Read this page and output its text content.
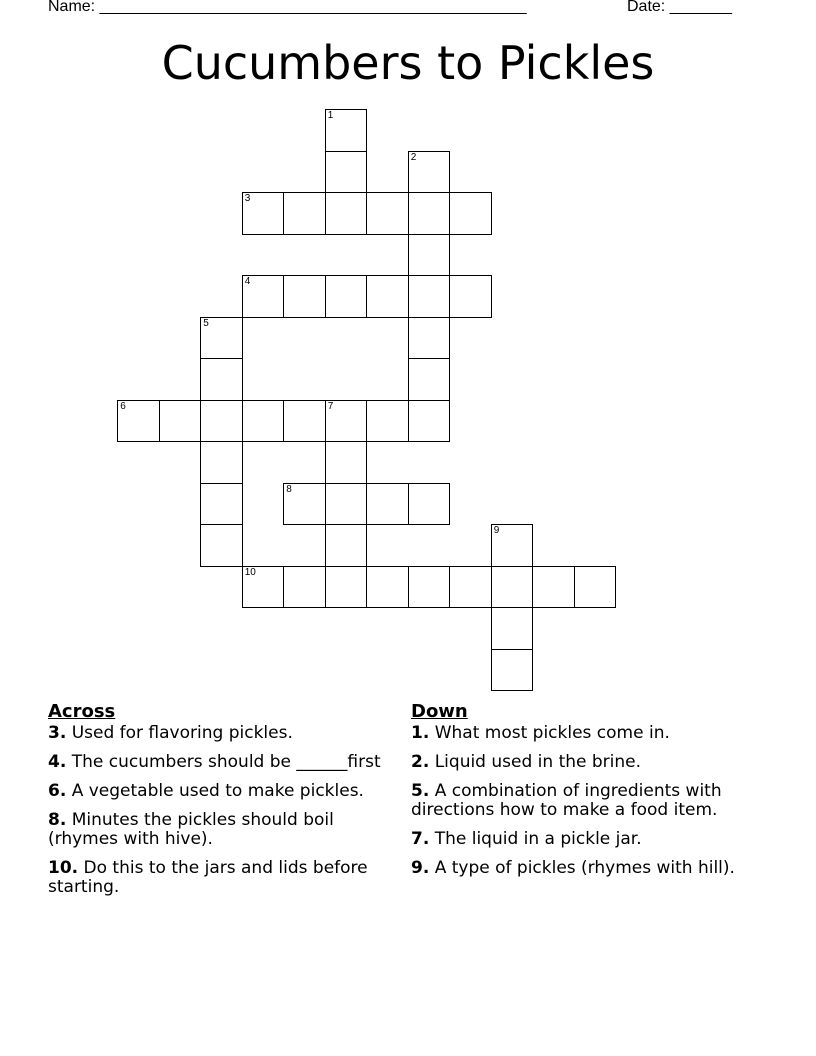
Name: ________________________________________________	Date: _______
Cucumbers to Pickles
1
2
3
4
5
6	7
8
9
10
Across
3. Used for flavoring pickles.
4. The cucumbers should be ______first
6. A vegetable used to make pickles.
8. Minutes the pickles should boil (rhymes with hive).
10. Do this to the jars and lids before starting.
Down
1. What most pickles come in.
2. Liquid used in the brine.
5. A combination of ingredients with directions how to make a food item.
7. The liquid in a pickle jar.
9. A type of pickles (rhymes with hill).
